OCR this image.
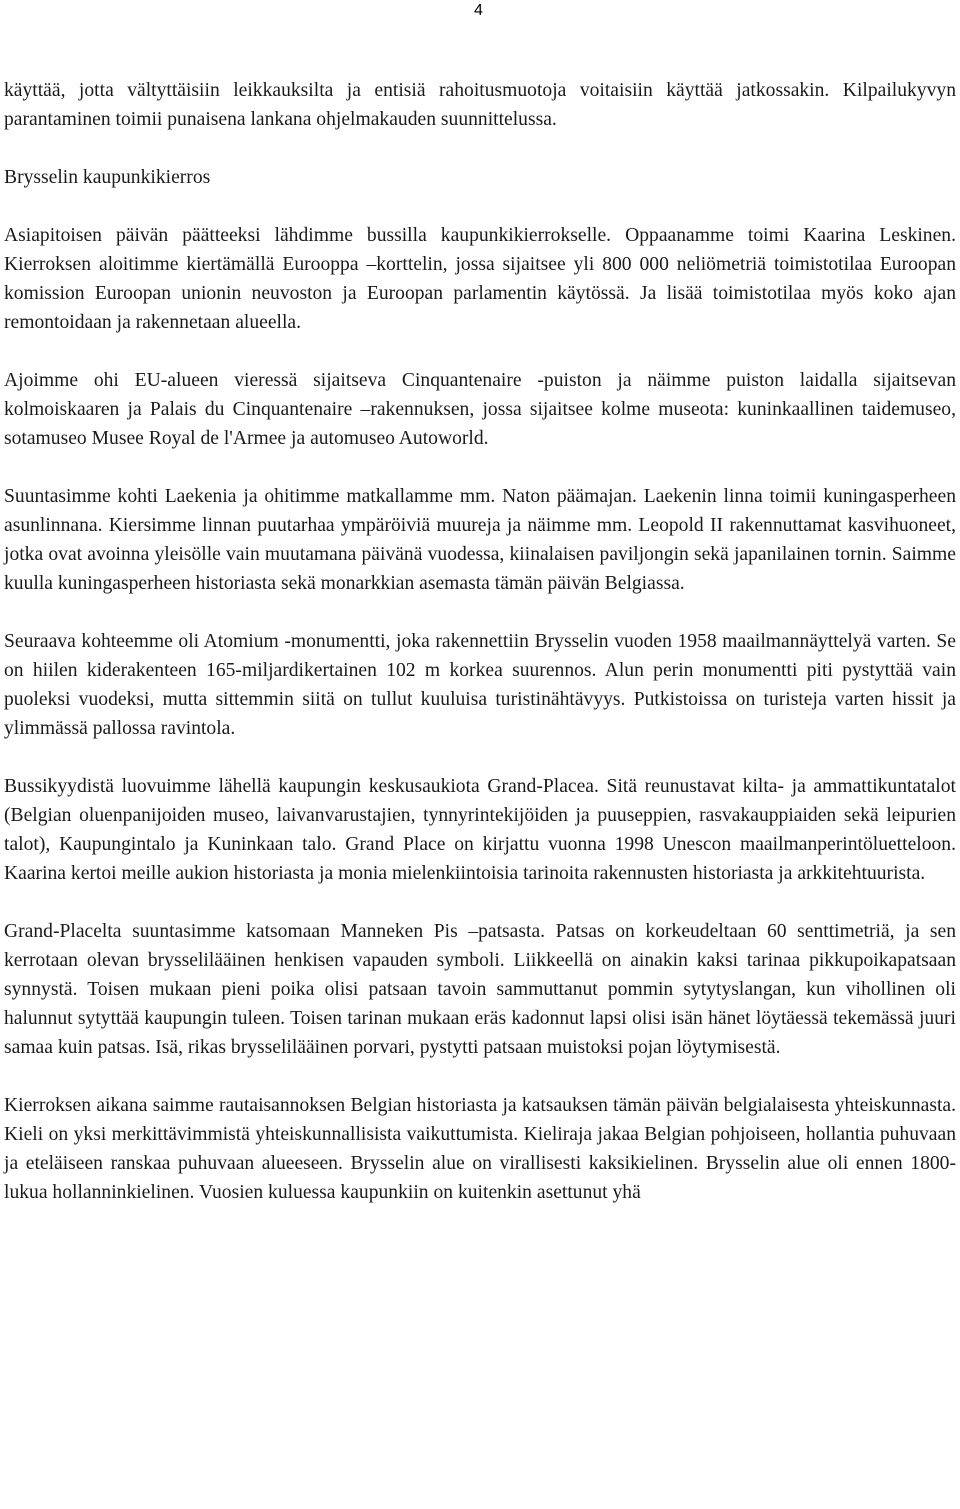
4

käyttää, jotta vältyttäisiin leikkauksilta ja entisiä rahoitusmuotoja voitaisiin käyttää jatkossakin. Kilpailukyvyn parantaminen toimii punaisena lankana ohjelmakauden suunnittelussa.

Brysselin kaupunkikierros

Asiapitoisen päivän päätteeksi lähdimme bussilla kaupunkikierrokselle. Oppaanamme toimi Kaarina Leskinen. Kierroksen aloitimme kiertämällä Eurooppa –korttelin, jossa sijaitsee yli 800 000 neliömetriä toimistotilaa Euroopan komission Euroopan unionin neuvoston ja Euroopan parlamentin käytössä. Ja lisää toimistotilaa myös koko ajan remontoidaan ja rakennetaan alueella.

Ajoimme ohi EU-alueen vieressä sijaitseva Cinquantenaire -puiston ja näimme puiston laidalla sijaitsevan kolmoiskaaren ja Palais du Cinquantenaire –rakennuksen, jossa sijaitsee kolme museota: kuninkaallinen taidemuseo, sotamuseo Musee Royal de l'Armee ja automuseo Autoworld.

Suuntasimme kohti Laekenia ja ohitimme matkallamme mm. Naton päämajan. Laekenin linna toimii kuningasperheen asunlinnana. Kiersimme linnan puutarhaa ympäröiviä muureja ja näimme mm. Leopold II rakennuttamat kasvihuoneet, jotka ovat avoinna yleisölle vain muutamana päivänä vuodessa, kiinalaisen paviljongin sekä japanilainen tornin. Saimme kuulla kuningasperheen historiasta sekä monarkkian asemasta tämän päivän Belgiassa.

Seuraava kohteemme oli Atomium -monumentti, joka rakennettiin Brysselin vuoden 1958 maailmannäyttelyä varten. Se on hiilen kiderakenteen 165-miljardikertainen 102 m korkea suurennos. Alun perin monumentti piti pystyttää vain puoleksi vuodeksi, mutta sittemmin siitä on tullut kuuluisa turistinähtävyys. Putkistoissa on turisteja varten hissit ja ylimmässä pallossa ravintola.

Bussikyydistä luovuimme lähellä kaupungin keskusaukiota Grand-Placea. Sitä reunustavat kilta- ja ammattikuntatalot (Belgian oluenpanijoiden museo, laivanvarustajien, tynnyrintekijöiden ja puuseppien, rasvakauppiaiden sekä leipurien talot), Kaupungintalo ja Kuninkaan talo. Grand Place on kirjattu vuonna 1998 Unescon maailmanperintöluetteloon. Kaarina kertoi meille aukion historiasta ja monia mielenkiintoisia tarinoita rakennusten historiasta ja arkkitehtuurista.

Grand-Placelta suuntasimme katsomaan Manneken Pis –patsasta. Patsas on korkeudeltaan 60 senttimetriä, ja sen kerrotaan olevan brysselilääinen henkisen vapauden symboli. Liikkeellä on ainakin kaksi tarinaa pikkupoikapatsaan synnystä. Toisen mukaan pieni poika olisi patsaan tavoin sammuttanut pommin sytytyslangan, kun vihollinen oli halunnut sytyttää kaupungin tuleen. Toisen tarinan mukaan eräs kadonnut lapsi olisi isän hänet löytäessä tekemässä juuri samaa kuin patsas. Isä, rikas brysselilääinen porvari, pystytti patsaan muistoksi pojan löytymisestä.

Kierroksen aikana saimme rautaisannoksen Belgian historiasta ja katsauksen tämän päivän belgialaisesta yhteiskunnasta. Kieli on yksi merkittävimmistä yhteiskunnallisista vaikuttumista. Kieliraja jakaa Belgian pohjoiseen, hollantia puhuvaan ja eteläiseen ranskaa puhuvaan alueeseen. Brysselin alue on virallisesti kaksikielinen. Brysselin alue oli ennen 1800-lukua hollanninkielinen. Vuosien kuluessa kaupunkiin on kuitenkin asettunut yhä
